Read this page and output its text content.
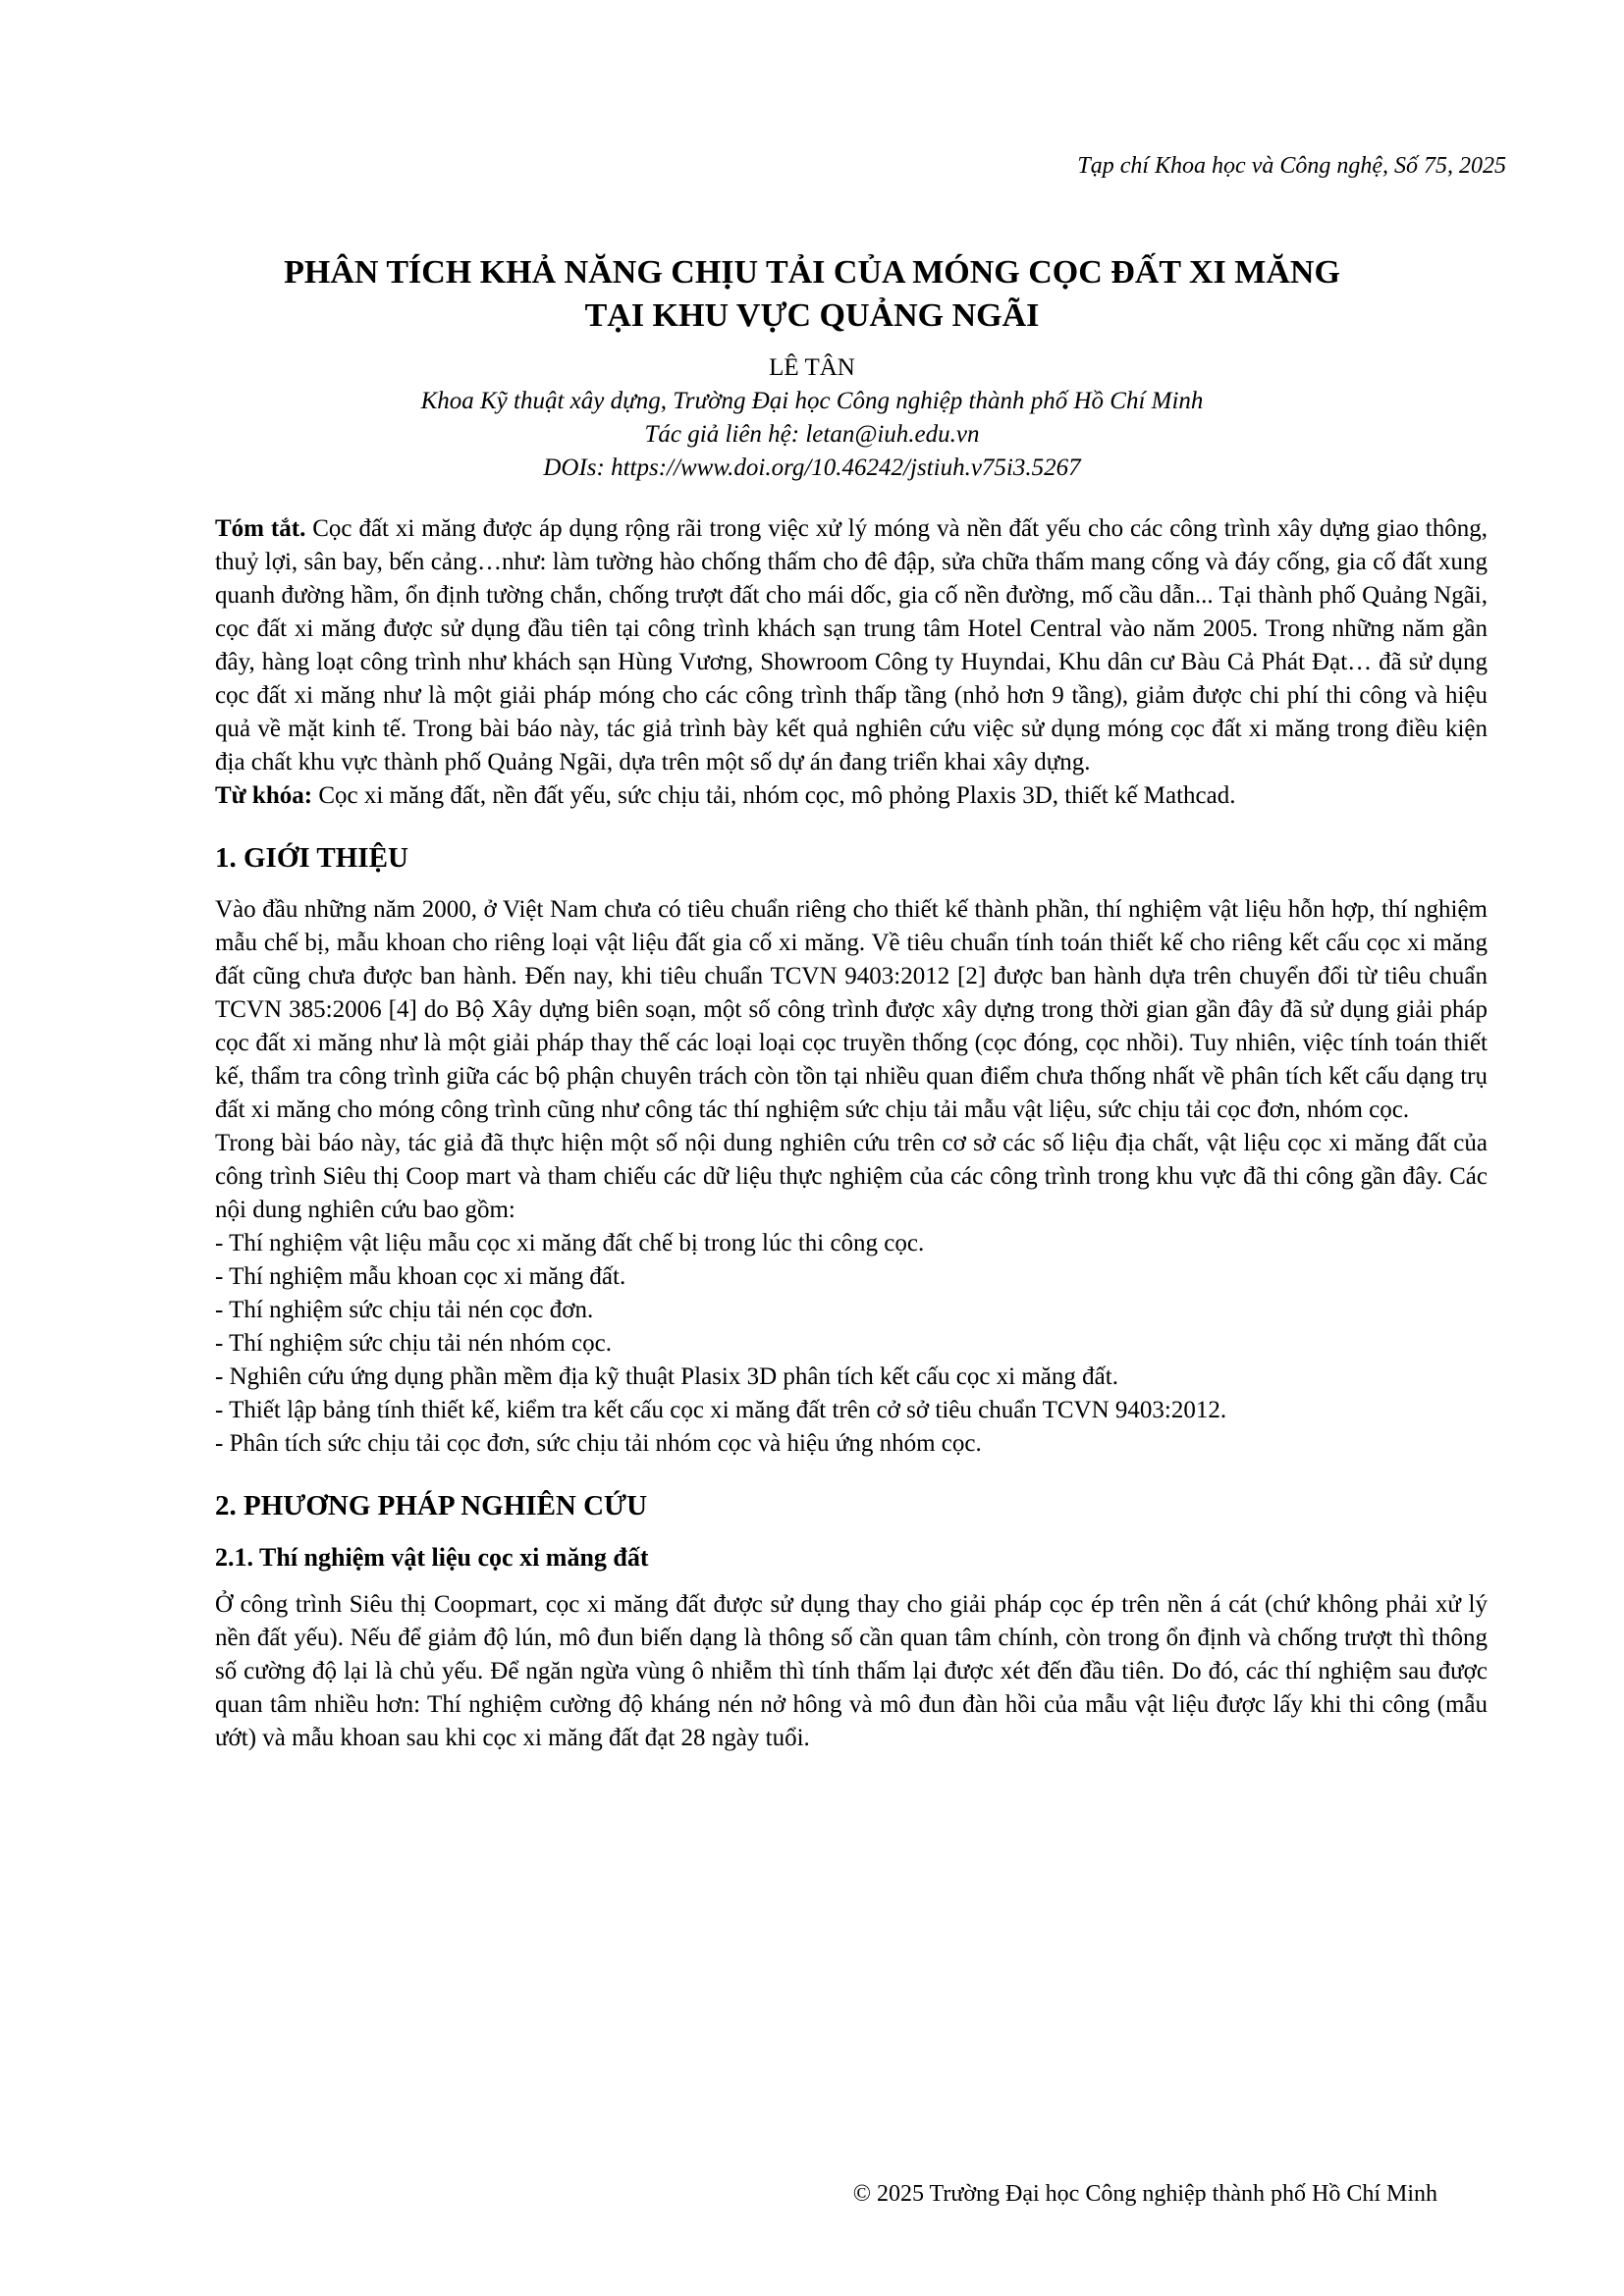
Tạp chí Khoa học và Công nghệ, Số 75, 2025
PHÂN TÍCH KHẢ NĂNG CHỊU TẢI CỦA MÓNG CỌC ĐẤT XI MĂNG
TẠI KHU VỰC QUẢNG NGÃI
LÊ TÂN
Khoa Kỹ thuật xây dựng, Trường Đại học Công nghiệp thành phố Hồ Chí Minh
Tác giả liên hệ: letan@iuh.edu.vn
DOIs: https://www.doi.org/10.46242/jstiuh.v75i3.5267

Tóm tắt. Cọc đất xi măng được áp dụng rộng rãi trong việc xử lý móng và nền đất yếu cho các công trình xây dựng giao thông, thuỷ lợi, sân bay, bến cảng…như: làm tường hào chống thấm cho đê đập, sửa chữa thấm mang cống và đáy cống, gia cố đất xung quanh đường hầm, ổn định tường chắn, chống trượt đất cho mái dốc, gia cố nền đường, mố cầu dẫn... Tại thành phố Quảng Ngãi, cọc đất xi măng được sử dụng đầu tiên tại công trình khách sạn trung tâm Hotel Central vào năm 2005. Trong những năm gần đây, hàng loạt công trình như khách sạn Hùng Vương, Showroom Công ty Huyndai, Khu dân cư Bàu Cả Phát Đạt… đã sử dụng cọc đất xi măng như là một giải pháp móng cho các công trình thấp tầng (nhỏ hơn 9 tầng), giảm được chi phí thi công và hiệu quả về mặt kinh tế. Trong bài báo này, tác giả trình bày kết quả nghiên cứu việc sử dụng móng cọc đất xi măng trong điều kiện địa chất khu vực thành phố Quảng Ngãi, dựa trên một số dự án đang triển khai xây dựng.

Từ khóa: Cọc xi măng đất, nền đất yếu, sức chịu tải, nhóm cọc, mô phỏng Plaxis 3D, thiết kế Mathcad.

1. GIỚI THIỆU

Vào đầu những năm 2000, ở Việt Nam chưa có tiêu chuẩn riêng cho thiết kế thành phần, thí nghiệm vật liệu hỗn hợp, thí nghiệm mẫu chế bị, mẫu khoan cho riêng loại vật liệu đất gia cố xi măng. Về tiêu chuẩn tính toán thiết kế cho riêng kết cấu cọc xi măng đất cũng chưa được ban hành. Đến nay, khi tiêu chuẩn TCVN 9403:2012 [2] được ban hành dựa trên chuyển đổi từ tiêu chuẩn TCVN 385:2006 [4] do Bộ Xây dựng biên soạn, một số công trình được xây dựng trong thời gian gần đây đã sử dụng giải pháp cọc đất xi măng như là một giải pháp thay thế các loại loại cọc truyền thống (cọc đóng, cọc nhồi). Tuy nhiên, việc tính toán thiết kế, thẩm tra công trình giữa các bộ phận chuyên trách còn tồn tại nhiều quan điểm chưa thống nhất về phân tích kết cấu dạng trụ đất xi măng cho móng công trình cũng như công tác thí nghiệm sức chịu tải mẫu vật liệu, sức chịu tải cọc đơn, nhóm cọc.

Trong bài báo này, tác giả đã thực hiện một số nội dung nghiên cứu trên cơ sở các số liệu địa chất, vật liệu cọc xi măng đất của công trình Siêu thị Coop mart và tham chiếu các dữ liệu thực nghiệm của các công trình trong khu vực đã thi công gần đây. Các nội dung nghiên cứu bao gồm:

- Thí nghiệm vật liệu mẫu cọc xi măng đất chế bị trong lúc thi công cọc.
- Thí nghiệm mẫu khoan cọc xi măng đất.
- Thí nghiệm sức chịu tải nén cọc đơn.
- Thí nghiệm sức chịu tải nén nhóm cọc.
- Nghiên cứu ứng dụng phần mềm địa kỹ thuật Plasix 3D phân tích kết cấu cọc xi măng đất.
- Thiết lập bảng tính thiết kế, kiểm tra kết cấu cọc xi măng đất trên cở sở tiêu chuẩn TCVN 9403:2012.
- Phân tích sức chịu tải cọc đơn, sức chịu tải nhóm cọc và hiệu ứng nhóm cọc.
2. PHƯƠNG PHÁP NGHIÊN CỨU
2.1. Thí nghiệm vật liệu cọc xi măng đất

Ở công trình Siêu thị Coopmart, cọc xi măng đất được sử dụng thay cho giải pháp cọc ép trên nền á cát (chứ không phải xử lý nền đất yếu). Nếu để giảm độ lún, mô đun biến dạng là thông số cần quan tâm chính, còn trong ổn định và chống trượt thì thông số cường độ lại là chủ yếu. Để ngăn ngừa vùng ô nhiễm thì tính thấm lại được xét đến đầu tiên. Do đó, các thí nghiệm sau được quan tâm nhiều hơn: Thí nghiệm cường độ kháng nén nở hông và mô đun đàn hồi của mẫu vật liệu được lấy khi thi công (mẫu ướt) và mẫu khoan sau khi cọc xi măng đất đạt 28 ngày tuổi.

© 2025 Trường Đại học Công nghiệp thành phố Hồ Chí Minh
